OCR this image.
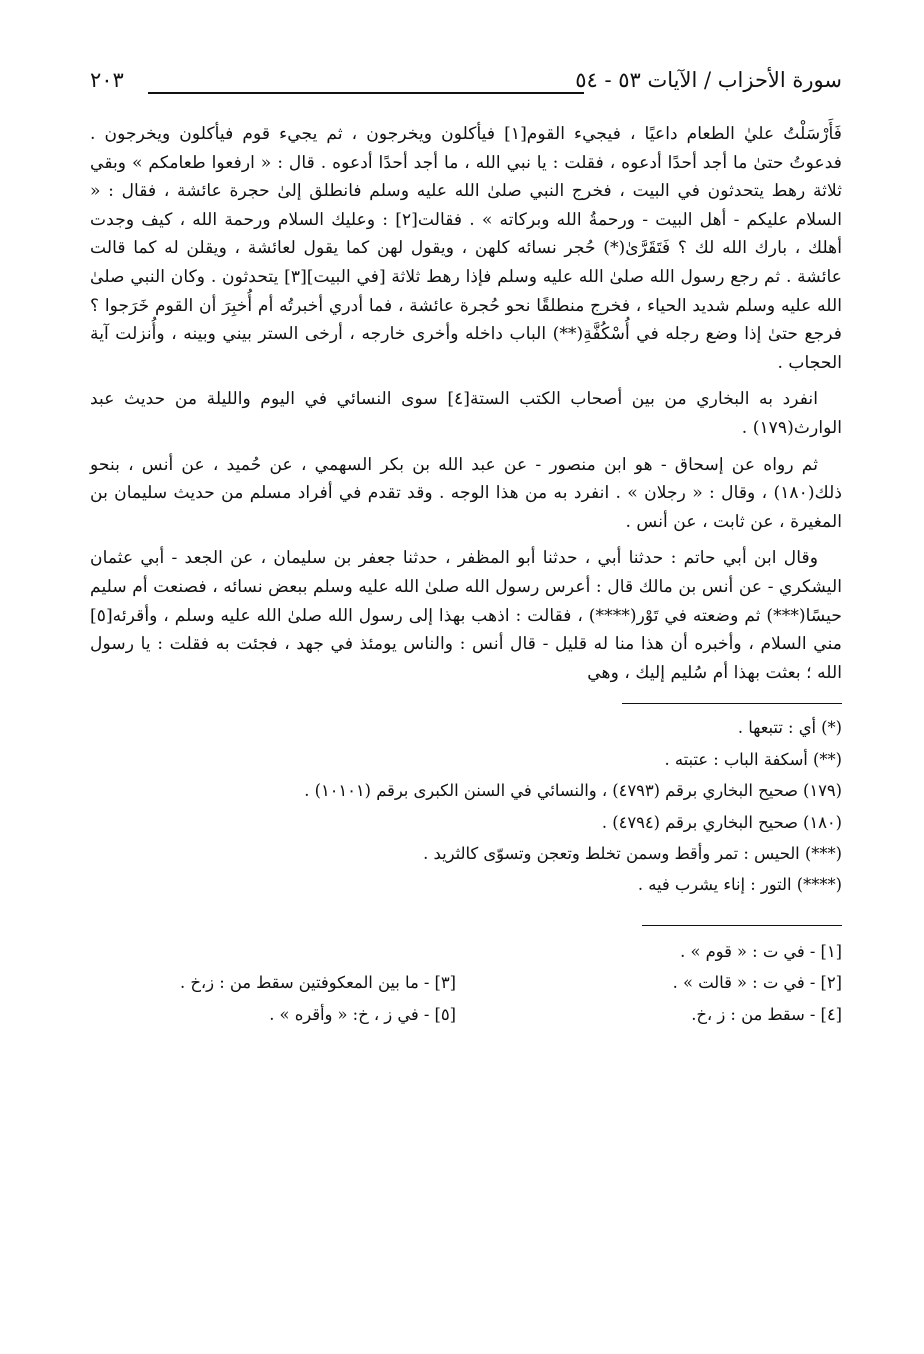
سورة الأحزاب / الآيات ٥٣ - ٥٤
٢٠٣

فَأَرْسَلْتُ عليٰ الطعام داعيًا ، فيجيء القوم[١] فيأكلون ويخرجون ، ثم يجيء قوم فيأكلون ويخرجون . فدعوتُ حتىٰ ما أجد أحدًا أدعوه ، فقلت : يا نبي الله ، ما أجد أحدًا أدعوه . قال : « ارفعوا طعامكم » وبقي ثلاثة رهط يتحدثون في البيت ، فخرج النبي صلىٰ الله عليه وسلم فانطلق إلىٰ حجرة عائشة ، فقال : « السلام عليكم - أهل البيت - ورحمةُ الله وبركاته » . فقالت[٢] : وعليك السلام ورحمة الله ، كيف وجدت أهلك ، بارك الله لك ؟ فَتَقَرَّىٰ(*) حُجر نسائه كلهن ، ويقول لهن كما يقول لعائشة ، ويقلن له كما قالت عائشة . ثم رجع رسول الله صلىٰ الله عليه وسلم فإذا رهط ثلاثة [في البيت][٣] يتحدثون . وكان النبي صلىٰ الله عليه وسلم شديد الحياء ، فخرج منطلقًا نحو حُجرة عائشة ، فما أدري أخبرتُه أم أُخبِرَ أن القوم خَرَجوا ؟ فرجع حتىٰ إذا وضع رجله في أُسْكُفَّةِ(**) الباب داخله وأخرى خارجه ، أرخى الستر بيني وبينه ، وأُنزلت آية الحجاب .

انفرد به البخاري من بين أصحاب الكتب الستة[٤] سوى النسائي في اليوم والليلة من حديث عبد الوارث(١٧٩) .

ثم رواه عن إسحاق - هو ابن منصور - عن عبد الله بن بكر السهمي ، عن حُميد ، عن أنس ، بنحو ذلك(١٨٠) ، وقال : « رجلان » . انفرد به من هذا الوجه . وقد تقدم في أفراد مسلم من حديث سليمان بن المغيرة ، عن ثابت ، عن أنس .

وقال ابن أبي حاتم : حدثنا أبي ، حدثنا أبو المظفر ، حدثنا جعفر بن سليمان ، عن الجعد - أبي عثمان اليشكري - عن أنس بن مالك قال : أعرس رسول الله صلىٰ الله عليه وسلم ببعض نسائه ، فصنعت أم سليم حيسًا(***) ثم وضعته في تَوْر(****) ، فقالت : اذهب بهذا إلى رسول الله صلىٰ الله عليه وسلم ، وأقرئه[٥] مني السلام ، وأخبره أن هذا منا له قليل - قال أنس : والناس يومئذ في جهد ، فجئت به فقلت : يا رسول الله ؛ بعثت بهذا أم سُليم إليك ، وهي

(*) أي : تتبعها .
(**) أسكفة الباب : عتبته .
(١٧٩) صحيح البخاري برقم (٤٧٩٣) ، والنسائي في السنن الكبرى برقم (١٠١٠١) .
(١٨٠) صحيح البخاري برقم (٤٧٩٤) .
(***) الحيس : تمر وأقط وسمن تخلط وتعجن وتسوّى كالثريد .
(****) التور : إناء يشرب فيه .
[١] - في ت : « قوم » .
[٢] - في ت : « قالت » .
[٣] - ما بين المعكوفتين سقط من : ز،خ .
[٤] - سقط من : ز ،خ.
[٥] - في ز ، خ: « وأقره » .
